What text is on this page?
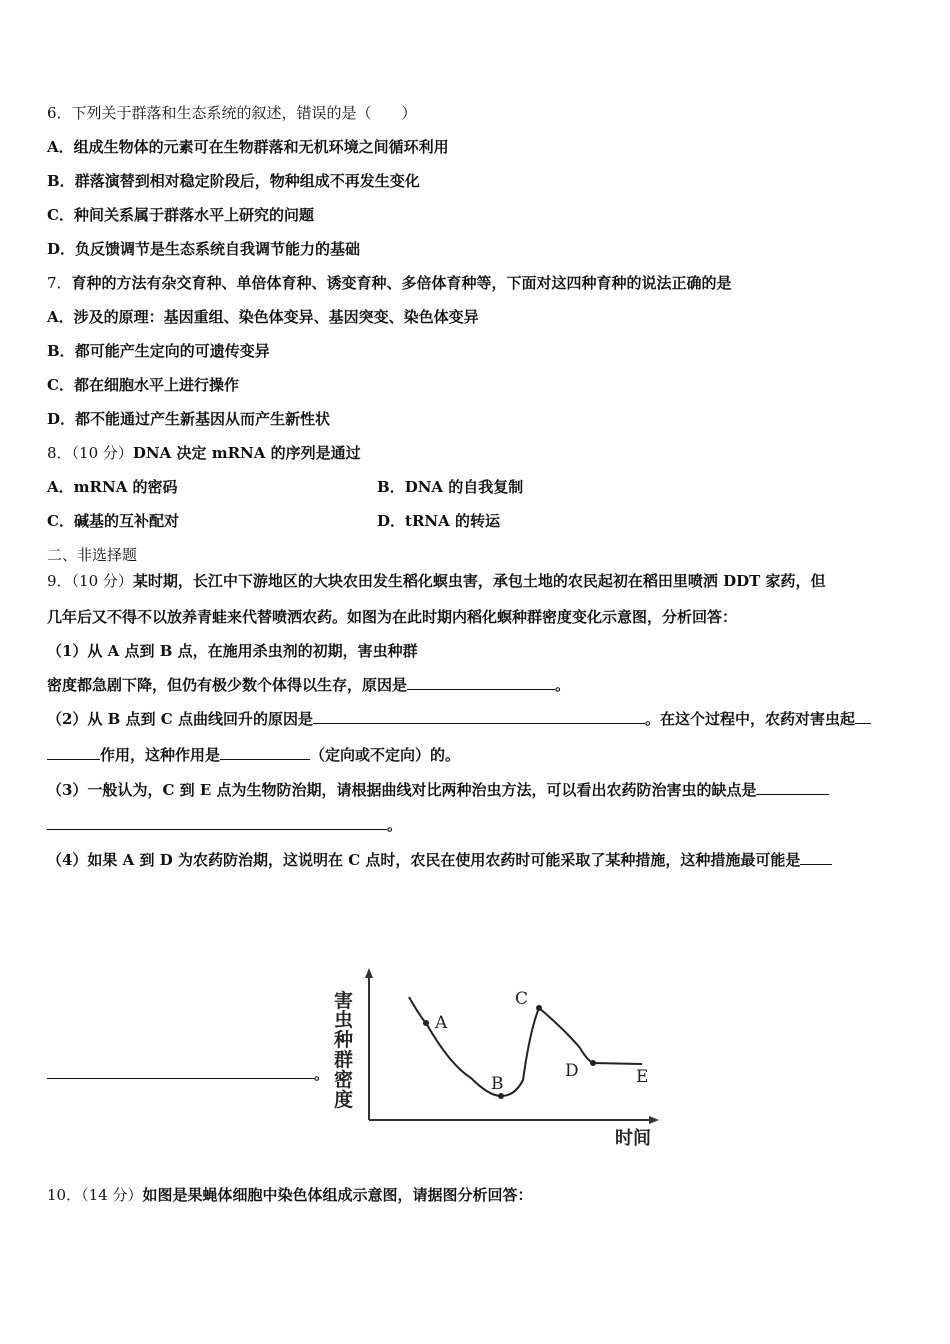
6．下列关于群落和生态系统的叙述，错误的是（　　）
A．组成生物体的元素可在生物群落和无机环境之间循环利用
B．群落演替到相对稳定阶段后，物种组成不再发生变化
C．种间关系属于群落水平上研究的问题
D．负反馈调节是生态系统自我调节能力的基础
7．育种的方法有杂交育种、单倍体育种、诱变育种、多倍体育种等，下面对这四种育种的说法正确的是
A．涉及的原理：基因重组、染色体变异、基因突变、染色体变异
B．都可能产生定向的可遗传变异
C．都在细胞水平上进行操作
D．都不能通过产生新基因从而产生新性状
8．（10 分）DNA 决定 mRNA 的序列是通过
A．mRNA 的密码	B．DNA 的自我复制
C．碱基的互补配对	D．tRNA 的转运
二、非选择题
9．（10 分）某时期，长江中下游地区的大块农田发生稻化螟虫害，承包土地的农民起初在稻田里喷洒 DDT 家药，但
几年后又不得不以放养青蛙来代替喷洒农药。如图为在此时期内稻化螟种群密度变化示意图，分析回答：
（1）从 A 点到 B 点，在施用杀虫剂的初期，害虫种群
密度都急剧下降，但仍有极少数个体得以生存，原因是	。
（2）从 B 点到 C 点曲线回升的原因是	。在这个过程中，农药对害虫起
作用，这种作用是	（定向或不定向）的。
（3）一般认为，C 到 E 点为生物防治期，请根据曲线对比两种治虫方法，可以看出农药防治害虫的缺点是
。
（4）如果 A 到 D 为农药防治期，这说明在 C 点时，农民在使用农药时可能采取了某种措施，这种措施最可能是
。
害
虫
种
群
密
度
时间
A
B
C
D	E
10．（14 分）如图是果蝇体细胞中染色体组成示意图，请据图分析回答：
